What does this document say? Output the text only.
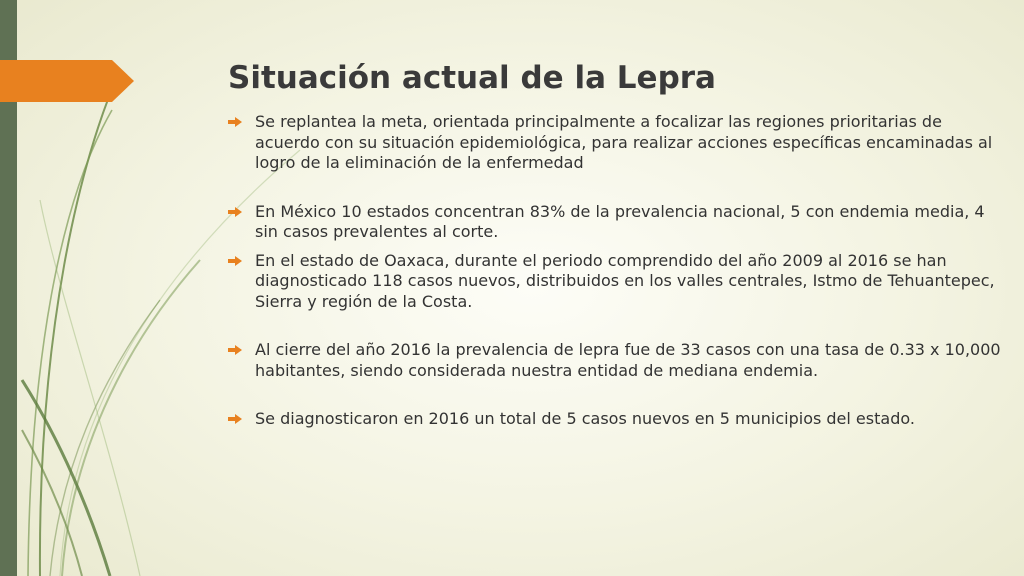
Situación actual de la Lepra
Se replantea la meta, orientada principalmente a focalizar las regiones prioritarias de acuerdo con su situación epidemiológica, para realizar acciones específicas encaminadas al logro de la eliminación de la enfermedad
En México 10 estados concentran 83% de la prevalencia nacional, 5 con endemia media, 4 sin casos prevalentes al corte.
En el estado de Oaxaca, durante el periodo comprendido del año 2009 al 2016 se han diagnosticado 118 casos nuevos, distribuidos en los valles centrales, Istmo de Tehuantepec, Sierra y región de la Costa.
Al cierre del año 2016 la prevalencia de lepra fue de 33 casos con una tasa de 0.33 x 10,000 habitantes, siendo considerada nuestra entidad de mediana endemia.
Se diagnosticaron en 2016 un total de 5 casos nuevos en 5 municipios del estado.
